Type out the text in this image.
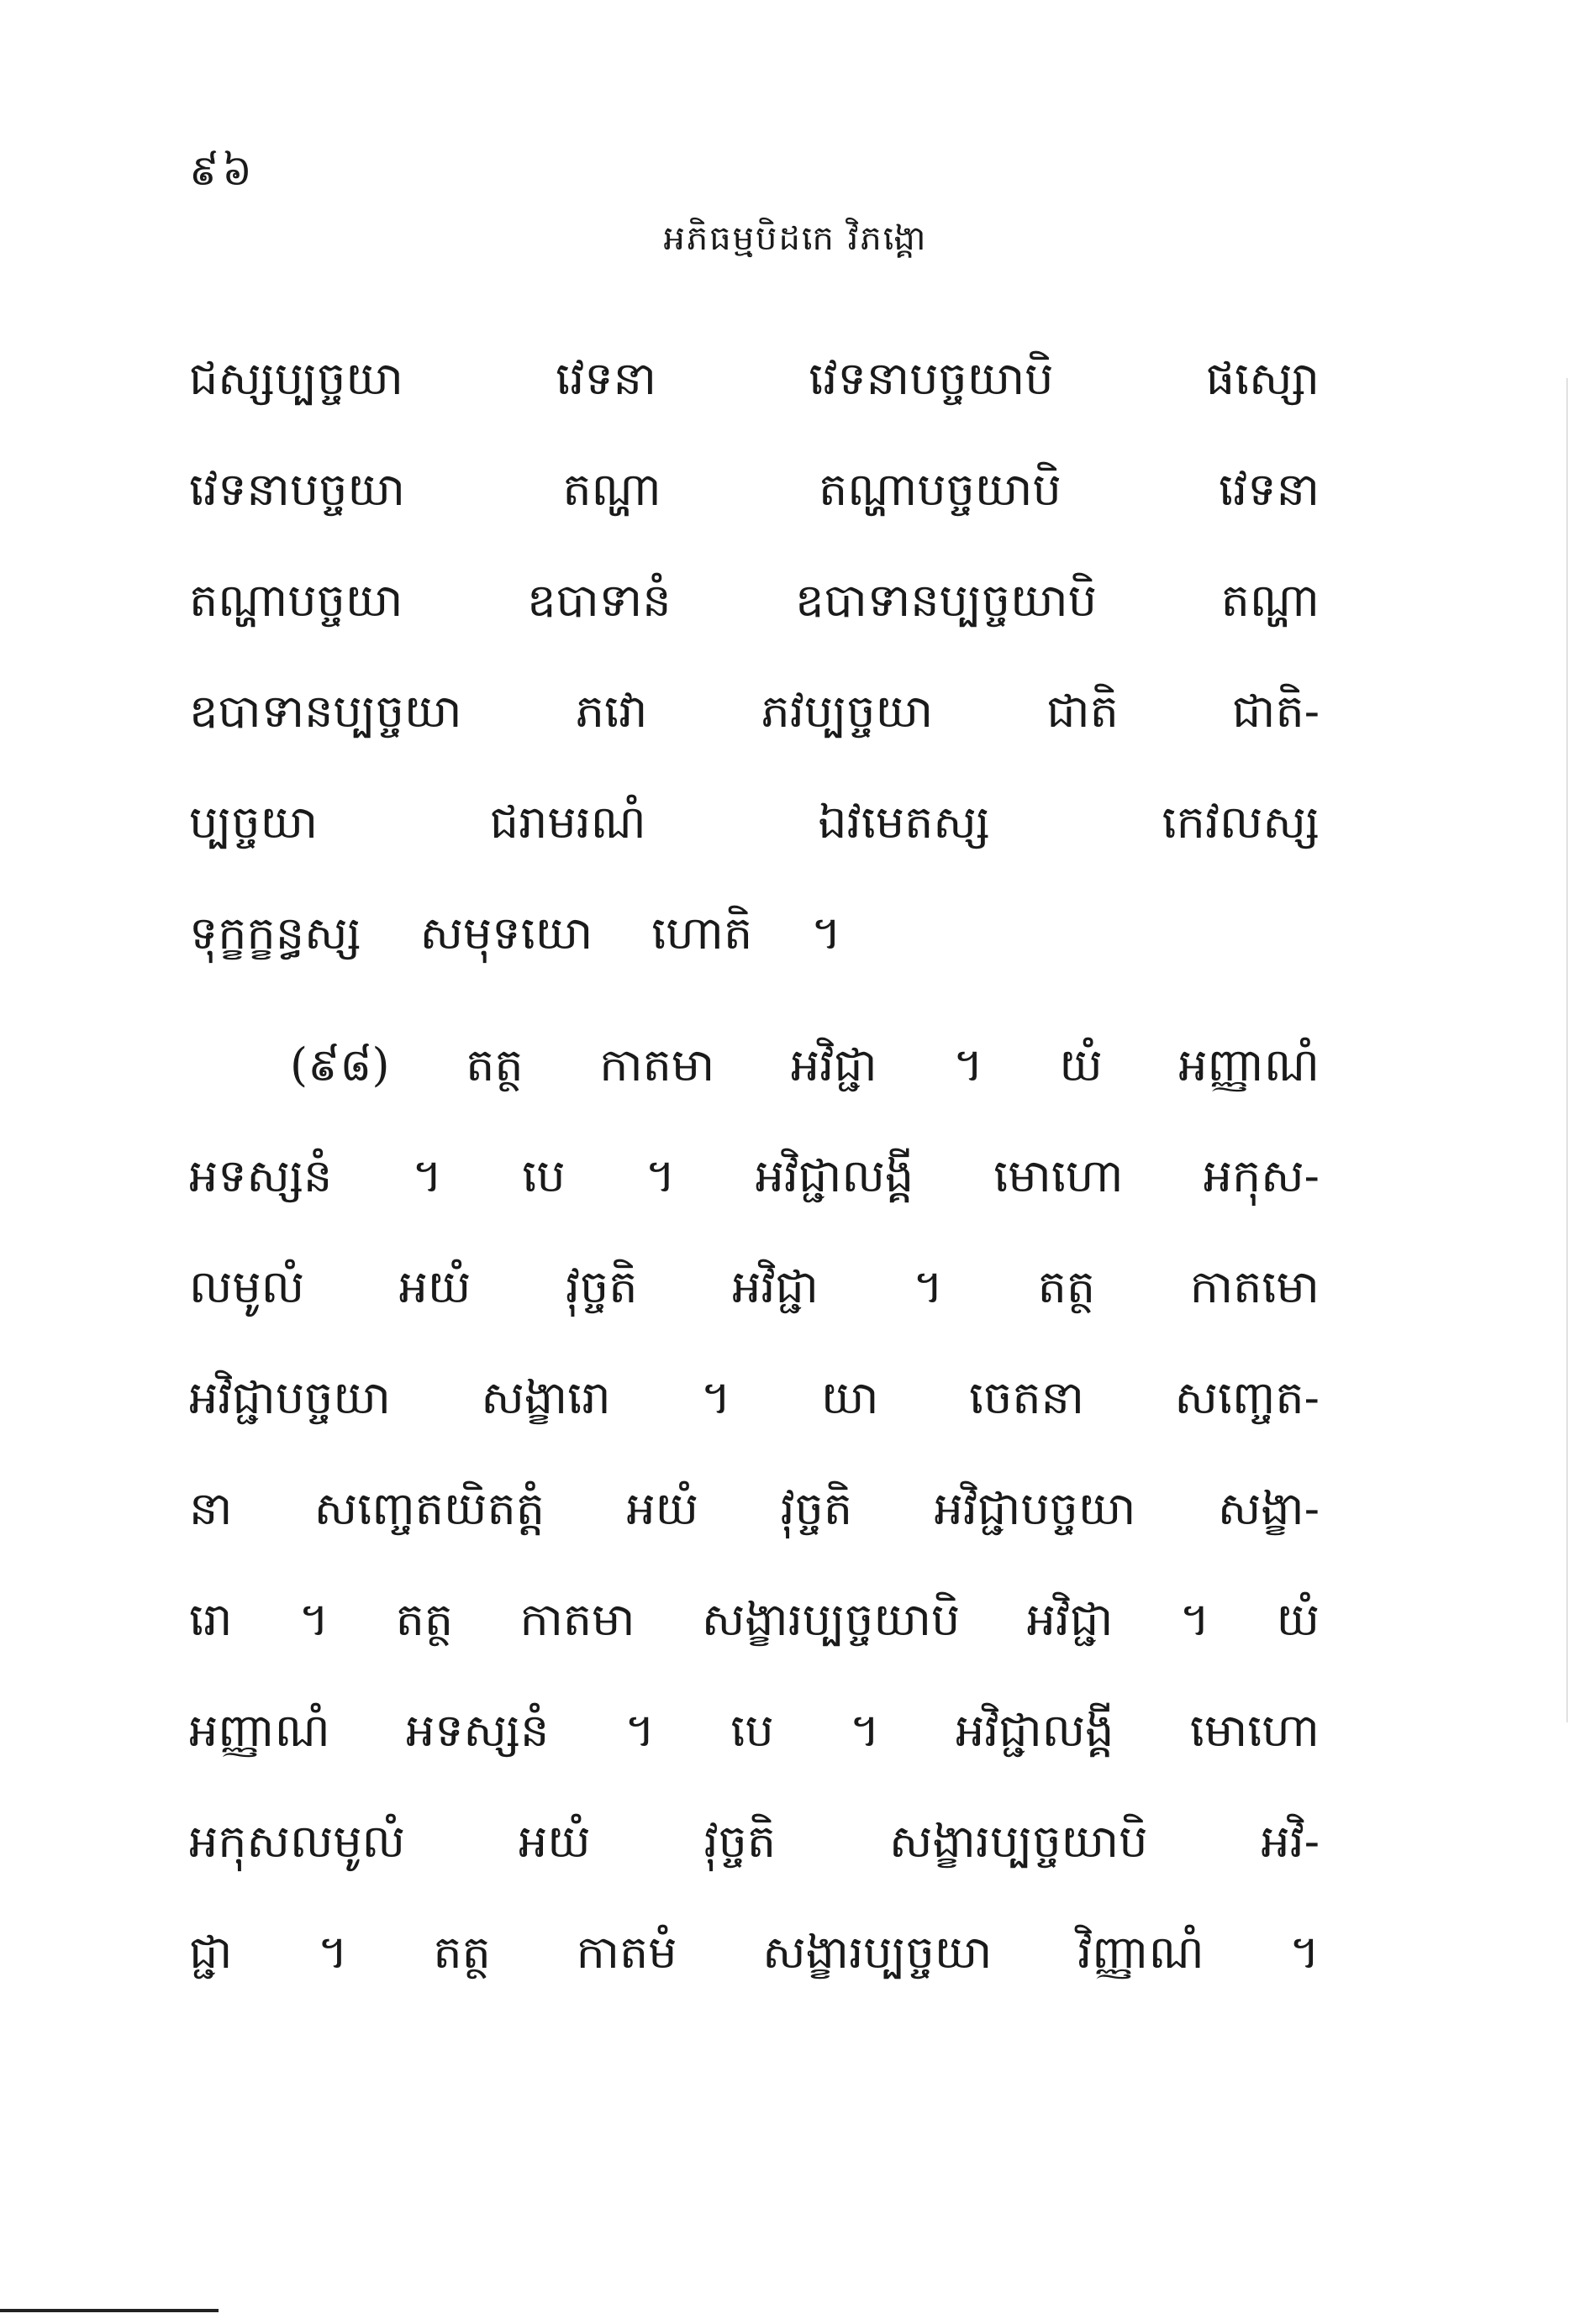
៩៦
អភិធម្មបិដកេ វិភង្គោ
ជស្សប្បច្ចយា	វេទនា	វេទនាបច្ចយាបិ	ផស្សោ
វេទនាបច្ចយា	តណ្ហា	តណ្ហាបច្ចយាបិ	វេទនា
តណ្ហាបច្ចយា	ឧបាទានំ	ឧបាទានប្បច្ចយាបិ	តណ្ហា
ឧបាទានប្បច្ចយា	ភវោ	ភវប្បច្ចយា	ជាតិ	ជាតិ-
ប្បច្ចយា	ជរាមរណំ	ឯវមេតស្ស	កេវលស្ស
ទុក្ខក្ខន្ធស្ស សមុទយោ ហោតិ ។
(៩៨) តត្ថ កាតមា អវិជ្ជា ។ យំ អញ្ញាណំ
អទស្សនំ ។ បេ ។ អវិជ្ជាលង្គី មោហោ អកុស-
លមូលំ អយំ វុច្ចតិ អវិជ្ជា ។ តត្ថ កាតមោ
អវិជ្ជាបច្ចយា សង្ខារោ ។ យា ចេតនា សញ្ចេត-
នា សញ្ចេតយិតត្តំ អយំ វុច្ចតិ អវិជ្ជាបច្ចយា សង្ខា-
រោ ។ តត្ថ កាតមា សង្ខារប្បច្ចយាបិ អវិជ្ជា ។ យំ
អញ្ញាណំ អទស្សនំ ។ បេ ។ អវិជ្ជាលង្គី មោហោ
អកុសលមូលំ អយំ វុច្ចតិ សង្ខារប្បច្ចយាបិ អវិ-
ជ្ជា ។ តត្ថ កាតមំ សង្ខារប្បច្ចយា វិញ្ញាណំ ។
